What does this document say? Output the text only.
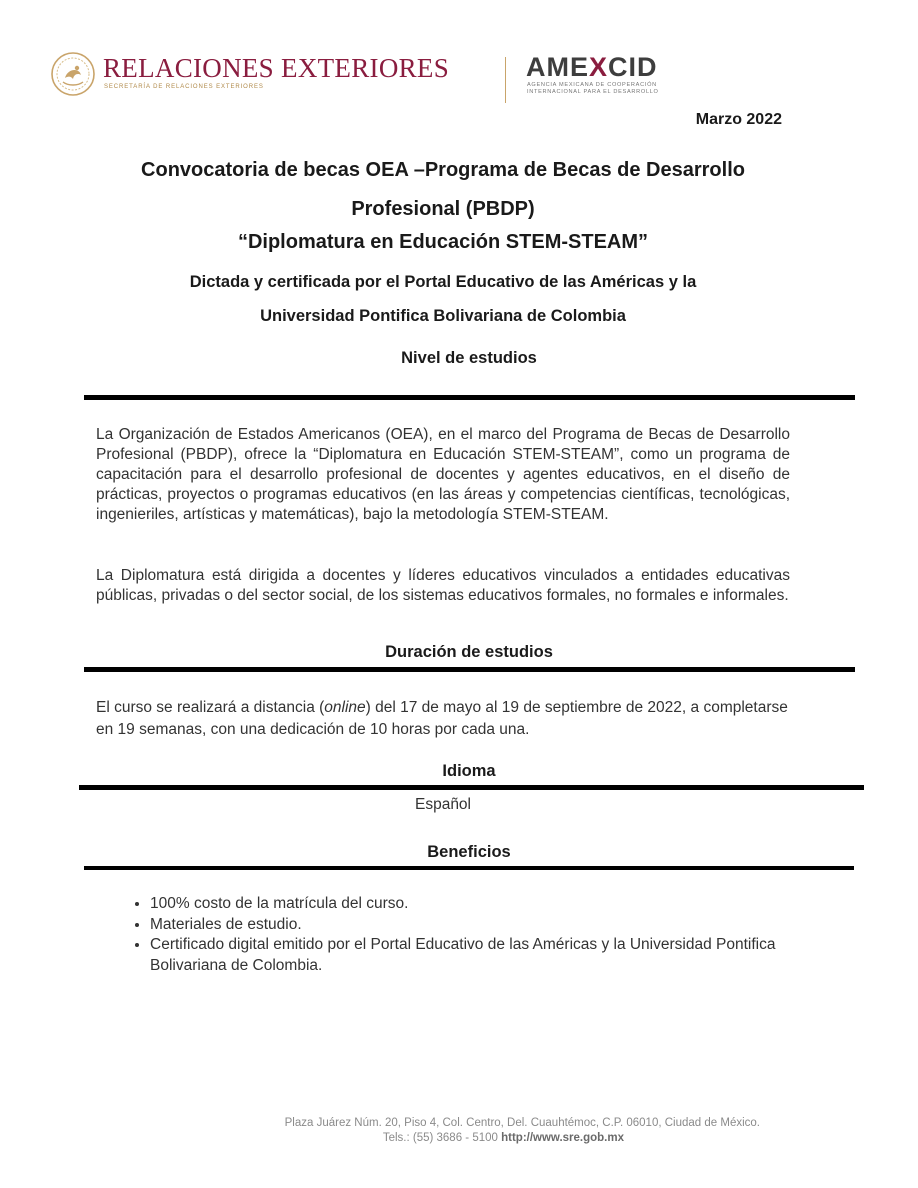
RELACIONES EXTERIORES
SECRETARÍA DE RELACIONES EXTERIORES
AMEXCID
AGENCIA MEXICANA DE COOPERACIÓN
INTERNACIONAL PARA EL DESARROLLO
Marzo 2022
Convocatoria de becas OEA –Programa de Becas de Desarrollo
Profesional (PBDP)
“Diplomatura en Educación STEM-STEAM”
Dictada y certificada por el Portal Educativo de las Américas y la
Universidad Pontifica Bolivariana de Colombia
Nivel de estudios
La Organización de Estados Americanos (OEA), en el marco del Programa de Becas de Desarrollo Profesional (PBDP), ofrece la “Diplomatura en Educación STEM-STEAM”, como un programa de capacitación para el desarrollo profesional de docentes y agentes educativos, en el diseño de prácticas, proyectos o programas educativos (en las áreas y competencias científicas, tecnológicas, ingenieriles, artísticas y matemáticas), bajo la metodología STEM-STEAM.
La Diplomatura está dirigida a docentes y líderes educativos vinculados a entidades educativas públicas, privadas o del sector social, de los sistemas educativos formales, no formales e informales.
Duración de estudios
El curso se realizará a distancia (online) del 17 de mayo al 19 de septiembre de 2022, a completarse en 19 semanas, con una dedicación de 10 horas por cada una.
Idioma
Español
Beneficios
• 100% costo de la matrícula del curso.
• Materiales de estudio.
• Certificado digital emitido por el Portal Educativo de las Américas y la Universidad Pontifica Bolivariana de Colombia.
Plaza Juárez Núm. 20, Piso 4, Col. Centro, Del. Cuauhtémoc, C.P. 06010, Ciudad de México.
Tels.: (55) 3686 - 5100 http://www.sre.gob.mx
